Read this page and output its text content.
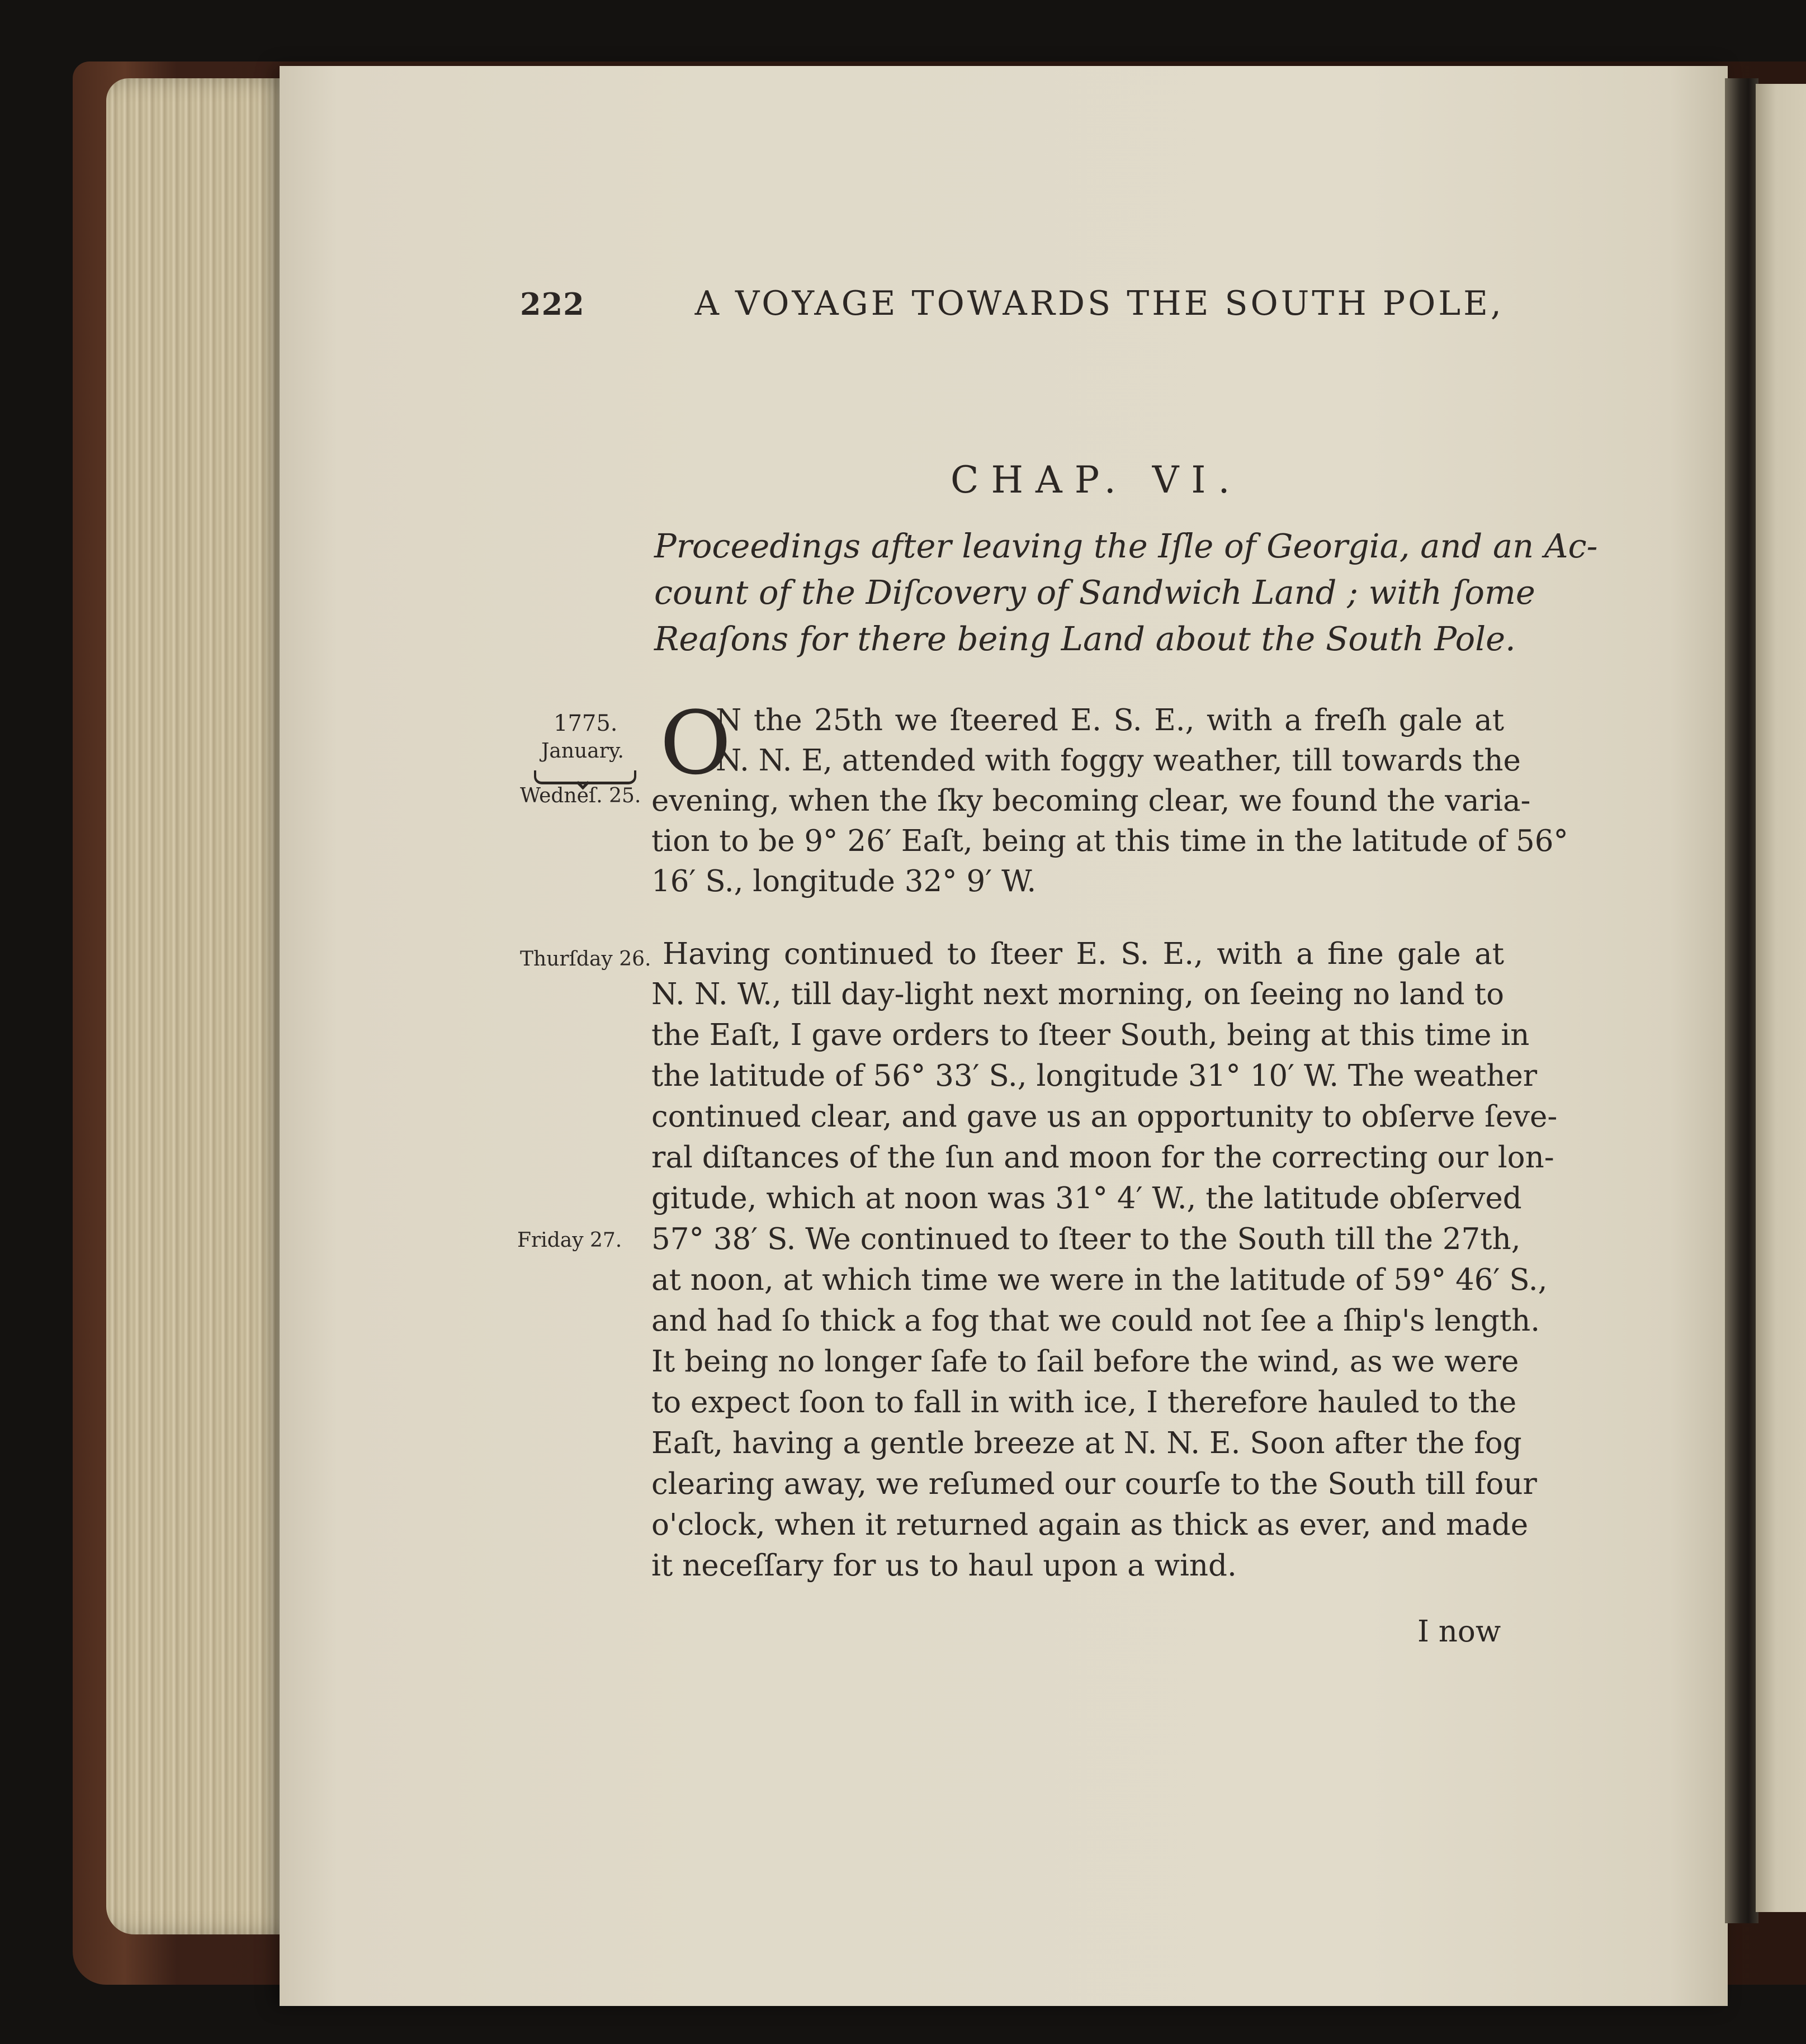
222	A VOYAGE TOWARDS THE SOUTH POLE,
CHAP. VI.
Proceedings after leaving the Iſle of Georgia, and an Ac-
count of the Diſcovery of Sandwich Land ; with ſome
Reaſons for there being Land about the South Pole.
1775.
January.
Wedneſ. 25.
Thurſday 26.
Friday 27.
O
N the 25th we ſteered E. S. E., with a freſh gale at
N. N. E, attended with foggy weather, till towards the
evening, when the ſky becoming clear, we found the varia-
tion to be 9° 26′ Eaſt, being at this time in the latitude of 56°
16′ S., longitude 32° 9′ W.
Having continued to ſteer E. S. E., with a fine gale at
N. N. W., till day-light next morning, on ſeeing no land to
the Eaſt, I gave orders to ſteer South, being at this time in
the latitude of 56° 33′ S., longitude 31° 10′ W. The weather
continued clear, and gave us an opportunity to obſerve ſeve-
ral diſtances of the ſun and moon for the correcting our lon-
gitude, which at noon was 31° 4′ W., the latitude obſerved
57° 38′ S. We continued to ſteer to the South till the 27th,
at noon, at which time we were in the latitude of 59° 46′ S.,
and had ſo thick a fog that we could not ſee a ſhip's length.
It being no longer ſafe to ſail before the wind, as we were
to expect ſoon to fall in with ice, I therefore hauled to the
Eaſt, having a gentle breeze at N. N. E. Soon after the fog
clearing away, we reſumed our courſe to the South till four
o'clock, when it returned again as thick as ever, and made
it neceſſary for us to haul upon a wind.
I now
